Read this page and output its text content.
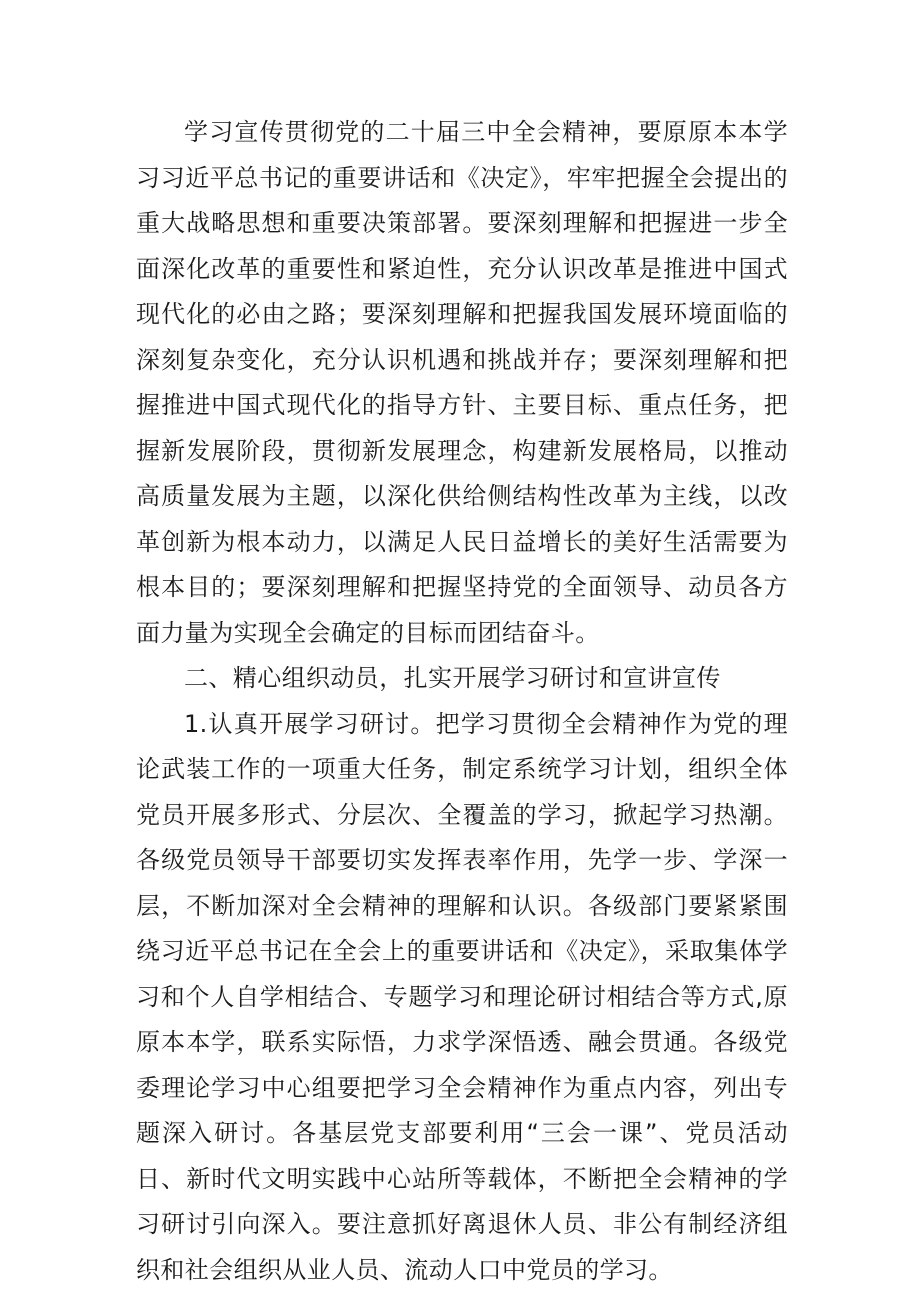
学习宣传贯彻党的二十届三中全会精神，要原原本本学习习近平总书记的重要讲话和《决定》，牢牢把握全会提出的重大战略思想和重要决策部署。要深刻理解和把握进一步全面深化改革的重要性和紧迫性，充分认识改革是推进中国式现代化的必由之路；要深刻理解和把握我国发展环境面临的深刻复杂变化，充分认识机遇和挑战并存；要深刻理解和把握推进中国式现代化的指导方针、主要目标、重点任务，把握新发展阶段，贯彻新发展理念，构建新发展格局，以推动高质量发展为主题，以深化供给侧结构性改革为主线，以改革创新为根本动力，以满足人民日益增长的美好生活需要为根本目的；要深刻理解和把握坚持党的全面领导、动员各方面力量为实现全会确定的目标而团结奋斗。

二、精心组织动员，扎实开展学习研讨和宣讲宣传

1.认真开展学习研讨。把学习贯彻全会精神作为党的理论武装工作的一项重大任务，制定系统学习计划，组织全体党员开展多形式、分层次、全覆盖的学习，掀起学习热潮。各级党员领导干部要切实发挥表率作用，先学一步、学深一层，不断加深对全会精神的理解和认识。各级部门要紧紧围绕习近平总书记在全会上的重要讲话和《决定》，采取集体学习和个人自学相结合、专题学习和理论研讨相结合等方式,原原本本学，联系实际悟，力求学深悟透、融会贯通。各级党委理论学习中心组要把学习全会精神作为重点内容，列出专题深入研讨。各基层党支部要利用“三会一课”、党员活动日、新时代文明实践中心站所等载体，不断把全会精神的学习研讨引向深入。要注意抓好离退休人员、非公有制经济组织和社会组织从业人员、流动人口中党员的学习。
